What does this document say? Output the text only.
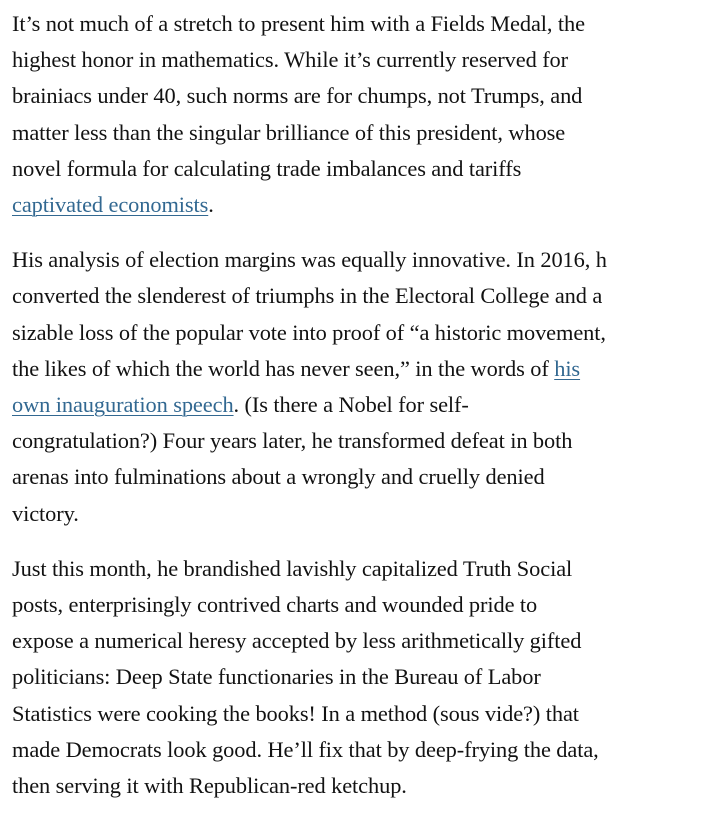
It’s not much of a stretch to present him with a Fields Medal, the
highest honor in mathematics. While it’s currently reserved for
brainiacs under 40, such norms are for chumps, not Trumps, and
matter less than the singular brilliance of this president, whose
novel formula for calculating trade imbalances and tariffs
captivated economists.

His analysis of election margins was equally innovative. In 2016, h
converted the slenderest of triumphs in the Electoral College and a
sizable loss of the popular vote into proof of “a historic movement,
the likes of which the world has never seen,” in the words of his
own inauguration speech. (Is there a Nobel for self-
congratulation?) Four years later, he transformed defeat in both
arenas into fulminations about a wrongly and cruelly denied
victory.

Just this month, he brandished lavishly capitalized Truth Social
posts, enterprisingly contrived charts and wounded pride to
expose a numerical heresy accepted by less arithmetically gifted
politicians: Deep State functionaries in the Bureau of Labor
Statistics were cooking the books! In a method (sous vide?) that
made Democrats look good. He’ll fix that by deep-frying the data,
then serving it with Republican-red ketchup.
